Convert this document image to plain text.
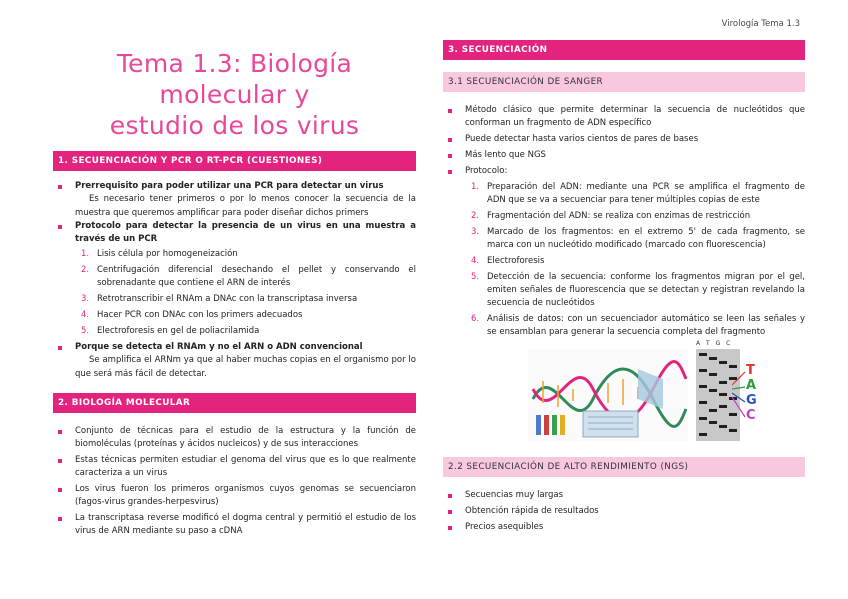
Virología Tema 1.3
Tema 1.3: Biología molecular y
estudio de los virus
1. SECUENCIACIÓN Y PCR O RT-PCR (CUESTIONES)
Prerrequisito para poder utilizar una PCR para detectar un virus
Es necesario tener primeros o por lo menos conocer la secuencia de la muestra que queremos amplificar para poder diseñar dichos primers
Protocolo para detectar la presencia de un virus en una muestra a través de un PCR
1. Lisis célula por homogeneización
2. Centrifugación diferencial desechando el pellet y conservando el sobrenadante que contiene el ARN de interés
3. Retrotranscribir el RNAm a DNAc con la transcriptasa inversa
4. Hacer PCR con DNAc con los primers adecuados
5. Electroforesis en gel de poliacrilamida
Porque se detecta el RNAm y no el ARN o ADN convencional
Se amplifica el ARNm ya que al haber muchas copias en el organismo por lo que será más fácil de detectar.
2. BIOLOGÍA MOLECULAR
Conjunto de técnicas para el estudio de la estructura y la función de biomoléculas (proteínas y ácidos nucleicos) y de sus interacciones
Estas técnicas permiten estudiar el genoma del virus que es lo que realmente caracteriza a un virus
Los virus fueron los primeros organismos cuyos genomas se secuenciaron (fagos-virus grandes-herpesvirus)
La transcriptasa reverse modificó el dogma central y permitió el estudio de los virus de ARN mediante su paso a cDNA
3. SECUENCIACIÓN
3.1 SECUENCIACIÓN DE SANGER
Método clásico que permite determinar la secuencia de nucleótidos que conforman un fragmento de ADN específico
Puede detectar hasta varios cientos de pares de bases
Más lento que NGS
Protocolo:
1. Preparación del ADN: mediante una PCR se amplifica el fragmento de ADN que se va a secuenciar para tener múltiples copias de este
2. Fragmentación del ADN: se realiza con enzimas de restricción
3. Marcado de los fragmentos: en el extremo 5' de cada fragmento, se marca con un nucleótido modificado (marcado con fluorescencia)
4. Electroforesis
5. Detección de la secuencia: conforme los fragmentos migran por el gel, emiten señales de fluorescencia que se detectan y registran revelando la secuencia de nucleótidos
6. Análisis de datos: con un secuenciador automático se leen las señales y se ensamblan para generar la secuencia completa del fragmento
A T G C
T
A
G
C
2.2 SECUENCIACIÓN DE ALTO RENDIMIENTO (NGS)
Secuencias muy largas
Obtención rápida de resultados
Precios asequibles
